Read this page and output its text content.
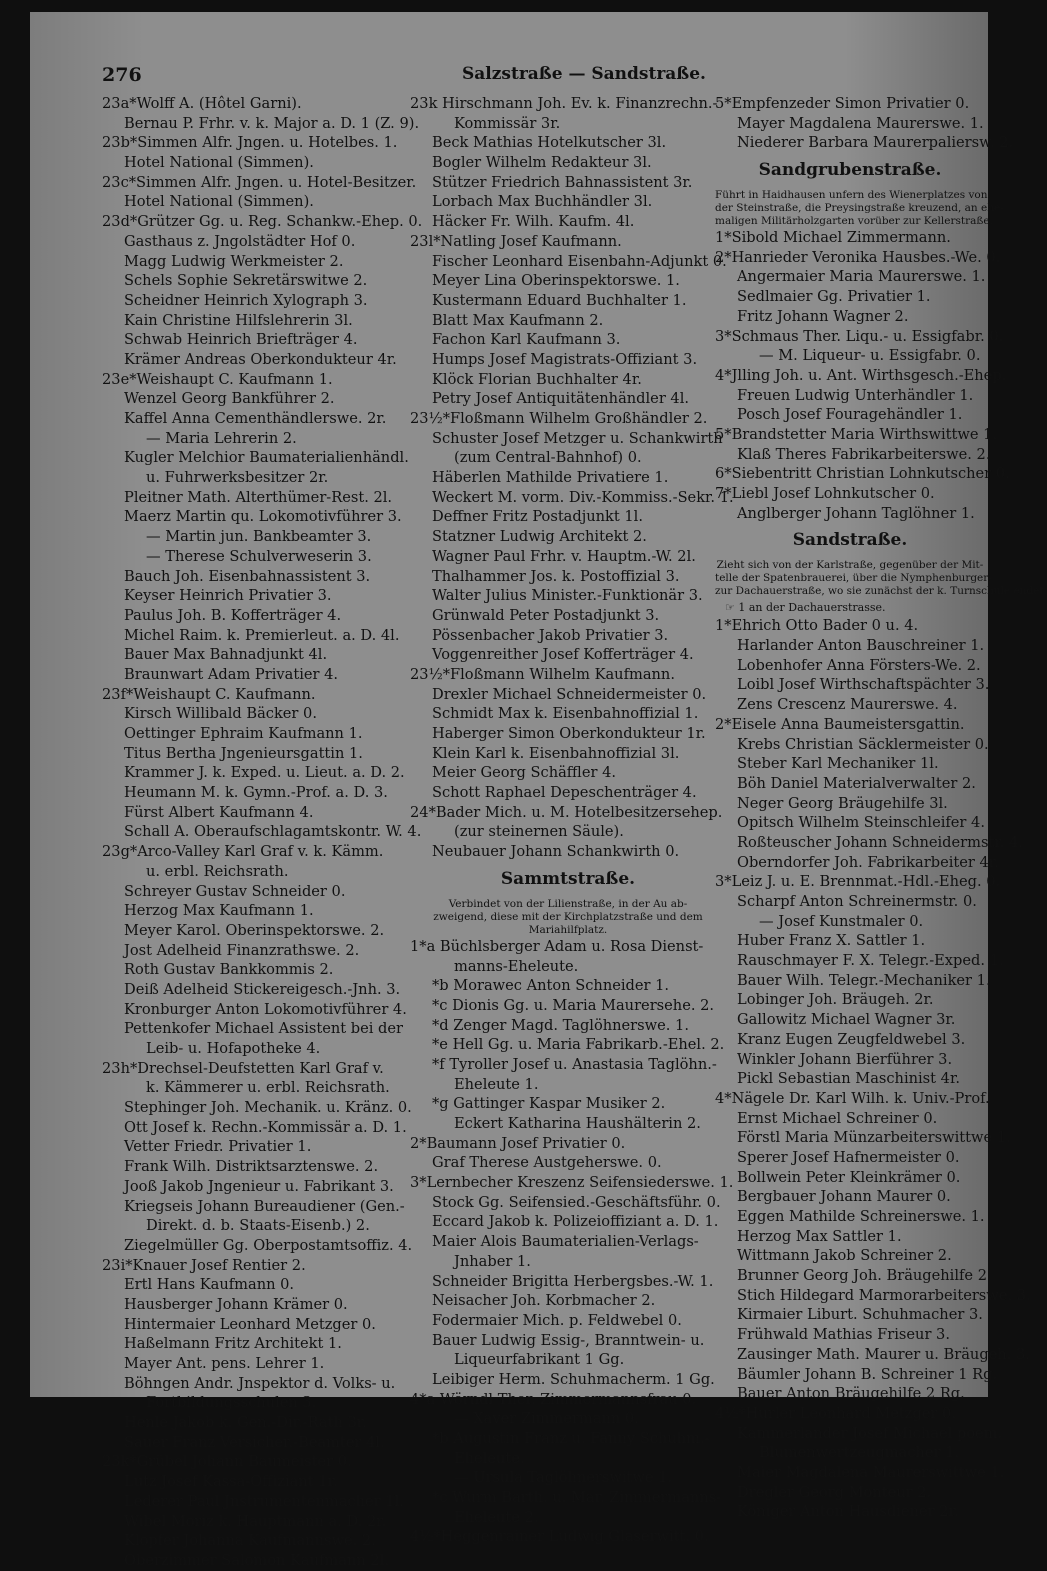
276	Salzstraße — Sandstraße.
23a*Wolff A. (Hôtel Garni).
Bernau P. Frhr. v. k. Major a. D. 1 (Z. 9).
23b*Simmen Alfr. Jngen. u. Hotelbes. 1.
Hotel National (Simmen).
23c*Simmen Alfr. Jngen. u. Hotel-Besitzer.
Hotel National (Simmen).
23d*Grützer Gg. u. Reg. Schankw.-Ehep. 0.
Gasthaus z. Jngolstädter Hof 0.
Magg Ludwig Werkmeister 2.
Schels Sophie Sekretärswitwe 2.
Scheidner Heinrich Xylograph 3.
Kain Christine Hilfslehrerin 3l.
Schwab Heinrich Briefträger 4.
Krämer Andreas Oberkondukteur 4r.
23e*Weishaupt C. Kaufmann 1.
Wenzel Georg Bankführer 2.
Kaffel Anna Cementhändlerswe. 2r.
— Maria Lehrerin 2.
Kugler Melchior Baumaterialienhändl.
u. Fuhrwerksbesitzer 2r.
Pleitner Math. Alterthümer-Rest. 2l.
Maerz Martin qu. Lokomotivführer 3.
— Martin jun. Bankbeamter 3.
— Therese Schulverweserin 3.
Bauch Joh. Eisenbahnassistent 3.
Keyser Heinrich Privatier 3.
Paulus Joh. B. Kofferträger 4.
Michel Raim. k. Premierleut. a. D. 4l.
Bauer Max Bahnadjunkt 4l.
Braunwart Adam Privatier 4.
23f*Weishaupt C. Kaufmann.
Kirsch Willibald Bäcker 0.
Oettinger Ephraim Kaufmann 1.
Titus Bertha Jngenieursgattin 1.
Krammer J. k. Exped. u. Lieut. a. D. 2.
Heumann M. k. Gymn.-Prof. a. D. 3.
Fürst Albert Kaufmann 4.
Schall A. Oberaufschlagamtskontr. W. 4.
23g*Arco-Valley Karl Graf v. k. Kämm.
u. erbl. Reichsrath.
Schreyer Gustav Schneider 0.
Herzog Max Kaufmann 1.
Meyer Karol. Oberinspektorswe. 2.
Jost Adelheid Finanzrathswe. 2.
Roth Gustav Bankkommis 2.
Deiß Adelheid Stickereigesch.-Jnh. 3.
Kronburger Anton Lokomotivführer 4.
Pettenkofer Michael Assistent bei der
Leib- u. Hofapotheke 4.
23h*Drechsel-Deufstetten Karl Graf v.
k. Kämmerer u. erbl. Reichsrath.
Stephinger Joh. Mechanik. u. Kränz. 0.
Ott Josef k. Rechn.-Kommissär a. D. 1.
Vetter Friedr. Privatier 1.
Frank Wilh. Distriktsarztenswe. 2.
Jooß Jakob Jngenieur u. Fabrikant 3.
Kriegseis Johann Bureaudiener (Gen.-
Direkt. d. b. Staats-Eisenb.) 2.
Ziegelmüller Gg. Oberpostamtsoffiz. 4.
23i*Knauer Josef Rentier 2.
Ertl Hans Kaufmann 0.
Hausberger Johann Krämer 0.
Hintermaier Leonhard Metzger 0.
Haßelmann Fritz Architekt 1.
Mayer Ant. pens. Lehrer 1.
Böhngen Andr. Jnspektor d. Volks- u.
Fortbildungsschulen 3.
Henle Jakob k. Gen.-Dir.-Rath 3r.
Sauer Franz Versicher.-Beamter 4l.
23k*Grübel Johann Baumeister 0.
Lutz Josef Kassa-Offiziant 1r.
Lederer Paul Jnstrumentenmacher 1l.
Wibel Moriz k. Hauptmann a. D. 2r.
Klopfer Johanna Kaufmannswe. 2.
Oberzimmer Salomon Kaufmann 2l.
23k Hirschmann Joh. Ev. k. Finanzrechn.-
Kommissär 3r.
Beck Mathias Hotelkutscher 3l.
Bogler Wilhelm Redakteur 3l.
Stützer Friedrich Bahnassistent 3r.
Lorbach Max Buchhändler 3l.
Häcker Fr. Wilh. Kaufm. 4l.
23l*Natling Josef Kaufmann.
Fischer Leonhard Eisenbahn-Adjunkt 0.
Meyer Lina Oberinspektorswe. 1.
Kustermann Eduard Buchhalter 1.
Blatt Max Kaufmann 2.
Fachon Karl Kaufmann 3.
Humps Josef Magistrats-Offiziant 3.
Klöck Florian Buchhalter 4r.
Petry Josef Antiquitätenhändler 4l.
23½*Floßmann Wilhelm Großhändler 2.
Schuster Josef Metzger u. Schankwirth
(zum Central-Bahnhof) 0.
Häberlen Mathilde Privatiere 1.
Weckert M. vorm. Div.-Kommiss.-Sekr. 1.
Deffner Fritz Postadjunkt 1l.
Statzner Ludwig Architekt 2.
Wagner Paul Frhr. v. Hauptm.-W. 2l.
Thalhammer Jos. k. Postoffizial 3.
Walter Julius Minister.-Funktionär 3.
Grünwald Peter Postadjunkt 3.
Pössenbacher Jakob Privatier 3.
Voggenreither Josef Kofferträger 4.
23½*Floßmann Wilhelm Kaufmann.
Drexler Michael Schneidermeister 0.
Schmidt Max k. Eisenbahnoffizial 1.
Haberger Simon Oberkondukteur 1r.
Klein Karl k. Eisenbahnoffizial 3l.
Meier Georg Schäffler 4.
Schott Raphael Depeschenträger 4.
24*Bader Mich. u. M. Hotelbesitzersehep.
(zur steinernen Säule).
Neubauer Johann Schankwirth 0.
Sammtstraße.
Verbindet von der Lilienstraße, in der Au ab-
zweigend, diese mit der Kirchplatzstraße und dem
Mariahilfplatz.
1*a Büchlsberger Adam u. Rosa Dienst-
manns-Eheleute.
*b Morawec Anton Schneider 1.
*c Dionis Gg. u. Maria Maurersehe. 2.
*d Zenger Magd. Taglöhnerswe. 1.
*e Hell Gg. u. Maria Fabrikarb.-Ehel. 2.
*f Tyroller Josef u. Anastasia Taglöhn.-
Eheleute 1.
*g Gattinger Kaspar Musiker 2.
Eckert Katharina Haushälterin 2.
2*Baumann Josef Privatier 0.
Graf Therese Austgeherswe. 0.
3*Lernbecher Kreszenz Seifensiederswe. 1.
Stock Gg. Seifensied.-Geschäftsführ. 0.
Eccard Jakob k. Polizeioffiziant a. D. 1.
Maier Alois Baumaterialien-Verlags-
Jnhaber 1.
Schneider Brigitta Herbergsbes.-W. 1.
Neisacher Joh. Korbmacher 2.
Fodermaier Mich. p. Feldwebel 0.
Bauer Ludwig Essig-, Branntwein- u.
Liqueurfabrikant 1 Gg.
Leibiger Herm. Schuhmacherm. 1 Gg.
4*a Wörndl Ther. Zimmermannsfrau 0.
— Xaver Zimmermann 0.
*b Augustin Franz u. Fanny Schuhm.-
Eheleute.
— Ursula Taglöhnerswitwe 1.
*c Wurm Barth. u. Mar. Zimmermanns-
Eheleute 2.
4½*Heggenrainer Ludwig Glaserwitt. 0.
5*Empfenzeder Simon Privatier 0.
Mayer Magdalena Maurerswe. 1.
Niederer Barbara Maurerpaliersw. 2.
Sandgrubenstraße.
Führt in Haidhausen unfern des Wienerplatzes von
der Steinstraße, die Preysingstraße kreuzend, an ehe-
maligen Militärholzgarten vorüber zur Kellerstraße.
1*Sibold Michael Zimmermann.
2*Hanrieder Veronika Hausbes.-We. 0.
Angermaier Maria Maurerswe. 1.
Sedlmaier Gg. Privatier 1.
Fritz Johann Wagner 2.
3*Schmaus Ther. Liqu.- u. Essigfabr. 0.
— M. Liqueur- u. Essigfabr. 0.
4*Jlling Joh. u. Ant. Wirthsgesch.-Ehep.
Freuen Ludwig Unterhändler 1.
Posch Josef Fouragehändler 1.
5*Brandstetter Maria Wirthswittwe 1.
Klaß Theres Fabrikarbeiterswe. 2.
6*Siebentritt Christian Lohnkutscher 0.
7*Liebl Josef Lohnkutscher 0.
Anglberger Johann Taglöhner 1.
Sandstraße.
Zieht sich von der Karlstraße, gegenüber der Mit-
telle der Spatenbrauerei, über die Nymphenburger-
zur Dachauerstraße, wo sie zunächst der k. Turnschule endet.
☞ 1 an der Dachauerstrasse.
1*Ehrich Otto Bader 0 u. 4.
Harlander Anton Bauschreiner 1.
Lobenhofer Anna Försters-We. 2.
Loibl Josef Wirthschaftspächter 3.
Zens Crescenz Maurerswe. 4.
2*Eisele Anna Baumeistersgattin.
Krebs Christian Säcklermeister 0.
Steber Karl Mechaniker 1l.
Böh Daniel Materialverwalter 2.
Neger Georg Bräugehilfe 3l.
Opitsch Wilhelm Steinschleifer 4.
Roßteuscher Johann Schneidermstr. 4.
Oberndorfer Joh. Fabrikarbeiter 4r.
3*Leiz J. u. E. Brennmat.-Hdl.-Eheg. 0.
Scharpf Anton Schreinermstr. 0.
— Josef Kunstmaler 0.
Huber Franz X. Sattler 1.
Rauschmayer F. X. Telegr.-Exped. 1.
Bauer Wilh. Telegr.-Mechaniker 1.
Lobinger Joh. Bräugeh. 2r.
Gallowitz Michael Wagner 3r.
Kranz Eugen Zeugfeldwebel 3.
Winkler Johann Bierführer 3.
Pickl Sebastian Maschinist 4r.
4*Nägele Dr. Karl Wilh. k. Univ.-Prof.
Ernst Michael Schreiner 0.
Förstl Maria Münzarbeiterswittwe 1.
Sperer Josef Hafnermeister 0.
Bollwein Peter Kleinkrämer 0.
Bergbauer Johann Maurer 0.
Eggen Mathilde Schreinerswe. 1.
Herzog Max Sattler 1.
Wittmann Jakob Schreiner 2.
Brunner Georg Joh. Bräugehilfe 2.
Stich Hildegard Marmorarbeiterswe. 3.
Kirmaier Liburt. Schuhmacher 3.
Frühwald Mathias Friseur 3.
Zausinger Math. Maurer u. Bräugeh. 3.
Bäumler Johann B. Schreiner 1 Rg.
Bauer Anton Bräugehilfe 2 Rg.
4½*Hurler Leonhard Metzger 0.
Kammerlander Josef Michael poem.
Blumenwertzeugmacher 1.
Maier Magdalena Maurerswittwe 1.
Dregler Georg Monteur 2.
Königer Anton Hausdiener 2r.
